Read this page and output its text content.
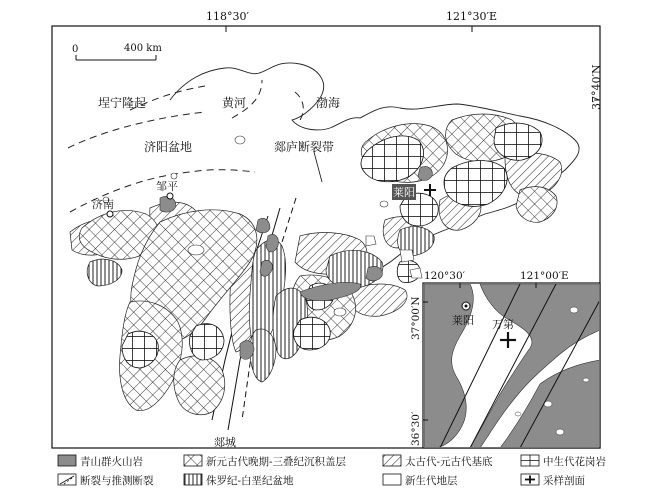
118°30′	121°30′E
37°40′N
0	400 km
埕宁隆起	黄河	渤海
济阳盆地	郯庐断裂带
邹平
济南
莱阳
郯城
120°30′	121°00′E
37°00′N
36°30′
莱阳 万第
青山群火山岩	新元古代晚期-三叠纪沉积盖层	太古代-元古代基底	中生代花岗岩
断裂与推测断裂	侏罗纪-白垩纪盆地	新生代地层	采样剖面
